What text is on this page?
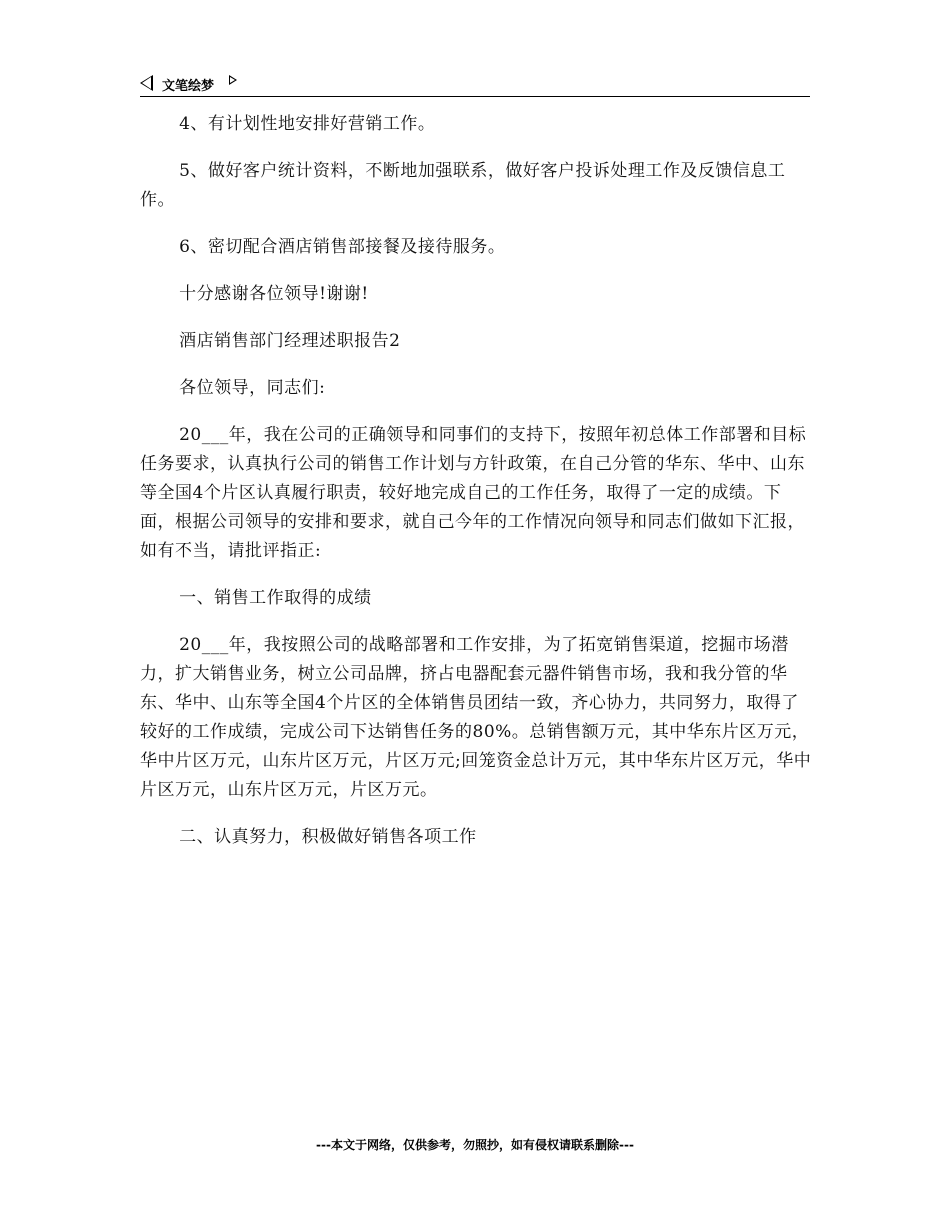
文笔绘梦

4、有计划性地安排好营销工作。

5、做好客户统计资料，不断地加强联系，做好客户投诉处理工作及反馈信息工作。

6、密切配合酒店销售部接餐及接待服务。

十分感谢各位领导!谢谢!

酒店销售部门经理述职报告2

各位领导，同志们:

20___年，我在公司的正确领导和同事们的支持下，按照年初总体工作部署和目标任务要求，认真执行公司的销售工作计划与方针政策，在自己分管的华东、华中、山东等全国4个片区认真履行职责，较好地完成自己的工作任务，取得了一定的成绩。下面，根据公司领导的安排和要求，就自己今年的工作情况向领导和同志们做如下汇报，如有不当，请批评指正:

一、销售工作取得的成绩

20___年，我按照公司的战略部署和工作安排，为了拓宽销售渠道，挖掘市场潜力，扩大销售业务，树立公司品牌，挤占电器配套元器件销售市场，我和我分管的华东、华中、山东等全国4个片区的全体销售员团结一致，齐心协力，共同努力，取得了较好的工作成绩，完成公司下达销售任务的80%。总销售额万元，其中华东片区万元，华中片区万元，山东片区万元，片区万元;回笼资金总计万元，其中华东片区万元，华中片区万元，山东片区万元，片区万元。

二、认真努力，积极做好销售各项工作

---本文于网络，仅供参考，勿照抄，如有侵权请联系删除---
